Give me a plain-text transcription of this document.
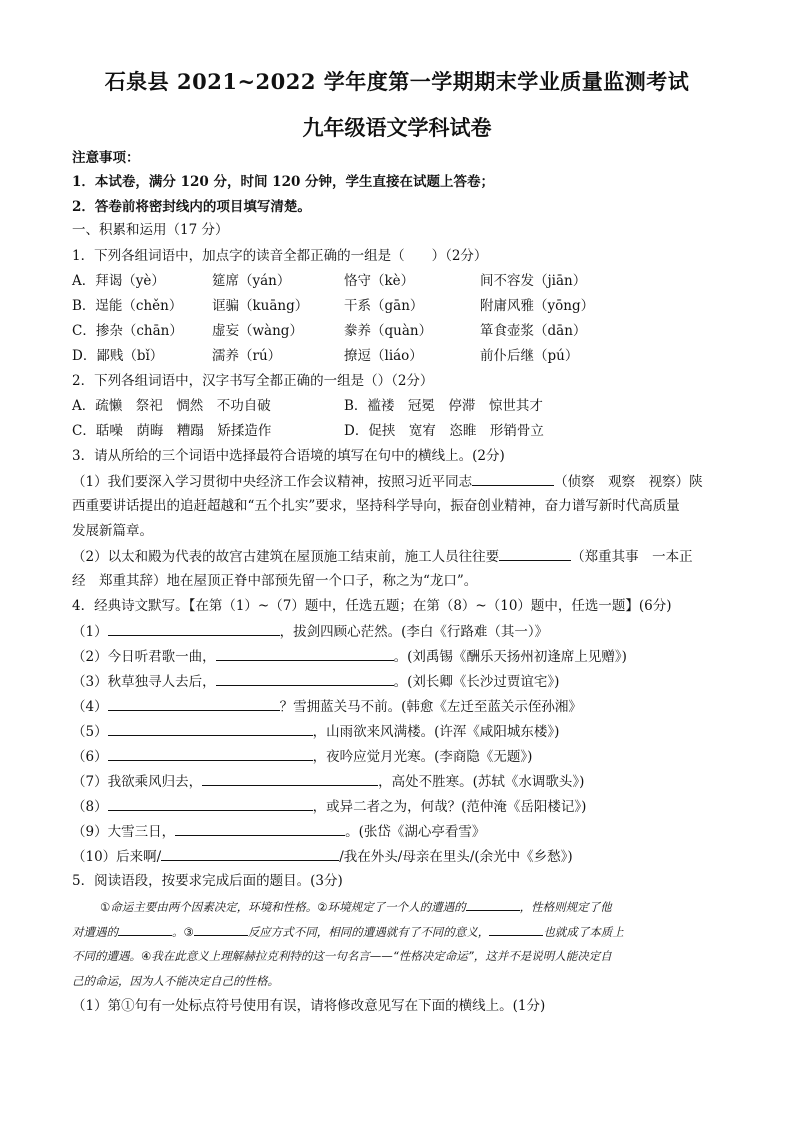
石泉县 2021~2022 学年度第一学期期末学业质量监测考试
九年级语文学科试卷
注意事项：
1．本试卷，满分 120 分，时间 120 分钟，学生直接在试题上答卷；
2．答卷前将密封线内的项目填写清楚。
一、积累和运用（17 分）
1．下列各组词语中，加点字的读音全都正确的一组是（　　）（2分）
A．拜谒（yè）	筵席（yán）	恪守（kè）	间不容发（jiān）
B．逞能（chěn） 诓骗（kuāng）	干系（gān）	附庸风雅（yōng）
C．掺杂（chān） 虚妄（wàng）	豢养（quàn）	箪食壶浆（dān）
D．鄙贱（bǐ）	濡养（rú）	撩逗（liáo）	前仆后继（pú）
2．下列各组词语中，汉字书写全都正确的一组是（）（2分）
A．疏懒　祭祀　惆然　不功自破	B．褴褛　冠冕　停滞　惊世其才
C．聒噪　荫晦　糟蹋　矫揉造作	D．促挟　宽宥　恣睢　形销骨立
3．请从所给的三个词语中选择最符合语境的填写在句中的横线上。(2分)
（1）我们要深入学习贯彻中央经济工作会议精神，按照习近平同志	（侦察　观察　视察）陕
西重要讲话提出的追赶超越和“五个扎实”要求，坚持科学导向，振奋创业精神，奋力谱写新时代高质量
发展新篇章。
（2）以太和殿为代表的故宫古建筑在屋顶施工结束前，施工人员往往要	（郑重其事　一本正
经　郑重其辞）地在屋顶正脊中部预先留一个口子，称之为“龙口”。
4．经典诗文默写。【在第（1）~（7）题中，任选五题；在第（8）~（10）题中，任选一题】(6分)
（1）	，拔剑四顾心茫然。(李白《行路难（其一）》
（2）今日听君歌一曲，	。(刘禹锡《酬乐天扬州初逢席上见赠》)
（3）秋草独寻人去后，	。(刘长卿《长沙过贾谊宅》)
（4）	？雪拥蓝关马不前。(韩愈《左迁至蓝关示侄孙湘》
（5）	，山雨欲来风满楼。(许浑《咸阳城东楼》)
（6）	，夜吟应觉月光寒。(李商隐《无题》)
（7）我欲乘风归去，	，高处不胜寒。(苏轼《水调歌头》)
（8）	，或异二者之为，何哉？(范仲淹《岳阳楼记》)
（9）大雪三日，	。(张岱《湖心亭看雪》
（10）后来啊/	/我在外头/母亲在里头/(余光中《乡愁》)
5．阅读语段，按要求完成后面的题目。(3分)
①命运主要由两个因素决定，环境和性格。②环境规定了一个人的遭遇的	，性格则规定了他
对遭遇的	。③	反应方式不同，相同的遭遇就有了不同的意义，	也就成了本质上
不同的遭遇。④我在此意义上理解赫拉克利特的这一句名言——“性格决定命运”，这并不是说明人能决定自
己的命运，因为人不能决定自己的性格。
（1）第①句有一处标点符号使用有误，请将修改意见写在下面的横线上。(1分)
